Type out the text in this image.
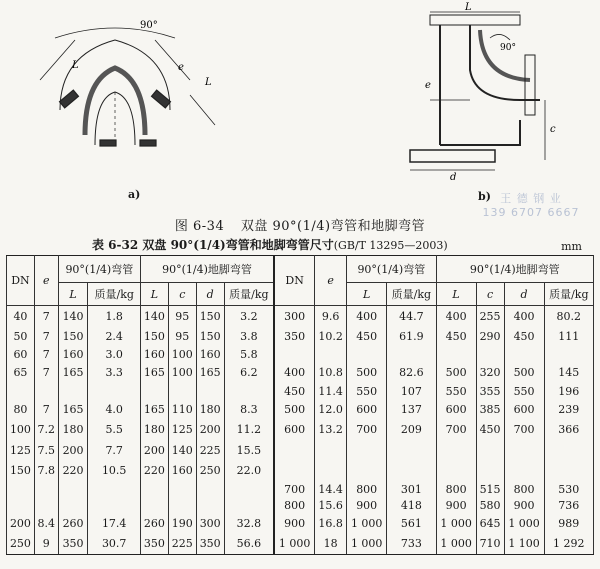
90°
L	e
L
L
90°
e
c
d
a)	b) 王 德 钢 业
139 6707 6667
图 6-34 双盘 90°(1/4)弯管和地脚弯管
表 6-32 双盘 90°(1/4)弯管和地脚弯管尺寸(GB/T 13295—2003)	mm
DN	e	90°(1/4)弯管		90°(1/4)地脚弯管				DN	e	90°(1/4)弯管		90°(1/4)地脚弯管			
		L	质量/kg	L	c	d	质量/kg			L	质量/kg	L	c	d	质量/kg
40	7	140	1.8	140	95	150	3.2	300	9.6	400	44.7	400	255	400	80.2
50	7	150	2.4	150	95	150	3.8	350	10.2	450	61.9	450	290	450	111
60	7	160	3.0	160	100	160	5.8								
65	7	165	3.3	165	100	165	6.2	400	10.8	500	82.6	500	320	500	145
								450	11.4	550	107	550	355	550	196
80	7	165	4.0	165	110	180	8.3	500	12.0	600	137	600	385	600	239
100	7.2	180	5.5	180	125	200	11.2	600	13.2	700	209	700	450	700	366
125	7.5	200	7.7	200	140	225	15.5								
150	7.8	220	10.5	220	160	250	22.0								
								700	14.4	800	301	800	515	800	530
								800	15.6	900	418	900	580	900	736
200	8.4	260	17.4	260	190	300	32.8	900	16.8	1 000	561	1 000	645	1 000	989
250	9	350	30.7	350	225	350	56.6	1 000	18	1 000	733	1 000	710	1 100	1 292
